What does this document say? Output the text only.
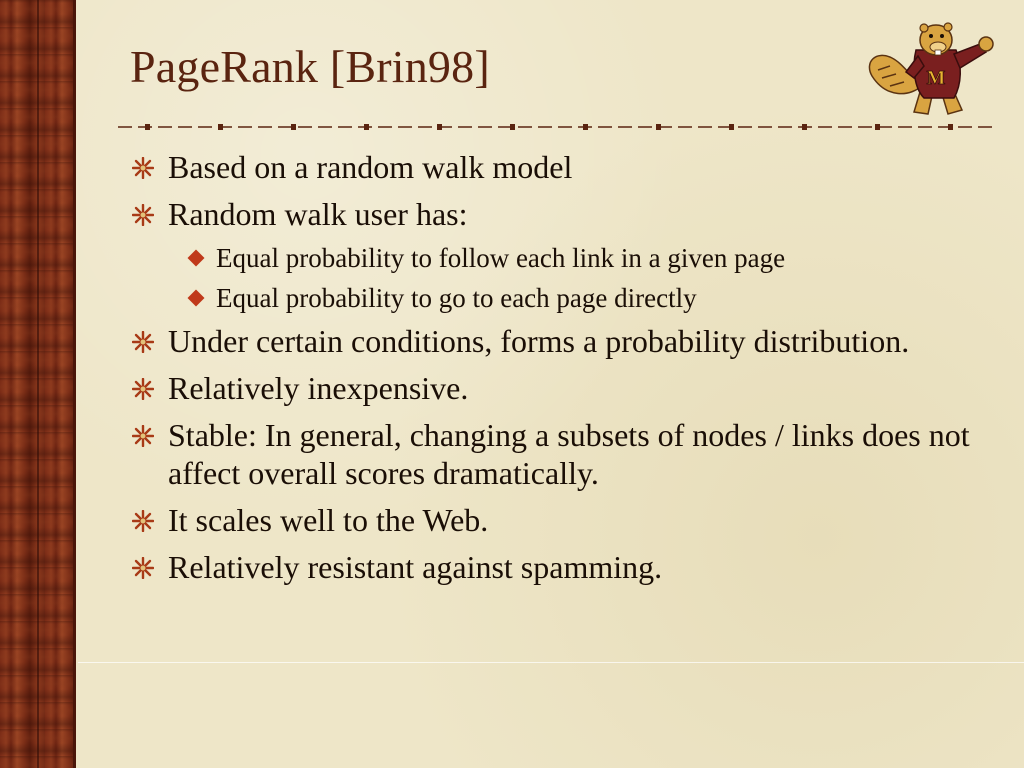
PageRank [Brin98]	M
Based on a random walk model
Random walk user has:
Equal probability to follow each link in a given page
Equal probability to go to each page directly
Under certain conditions, forms a probability distribution.
Relatively inexpensive.
Stable: In general, changing a subsets of nodes / links does not affect overall scores dramatically.
It scales well to the Web.
Relatively resistant against spamming.
